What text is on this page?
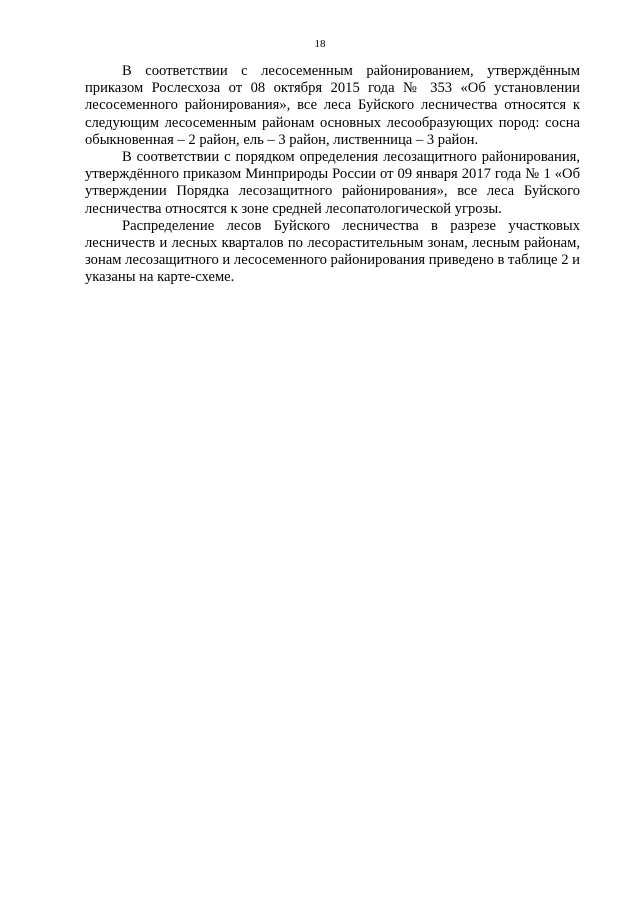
18

В соответствии с лесосеменным районированием, утверждённым приказом Рослесхоза от 08 октября 2015 года № 353 «Об установлении лесосеменного районирования», все леса Буйского лесничества относятся к следующим лесосеменным районам основных лесообразующих пород: сосна обыкновенная – 2 район, ель – 3 район, лиственница – 3 район.

В соответствии с порядком определения лесозащитного районирования, утверждённого приказом Минприроды России от 09 января 2017 года № 1 «Об утверждении Порядка лесозащитного районирования», все леса Буйского лесничества относятся к зоне средней лесопатологической угрозы.

Распределение лесов Буйского лесничества в разрезе участковых лесничеств и лесных кварталов по лесорастительным зонам, лесным районам, зонам лесозащитного и лесосеменного районирования приведено в таблице 2 и указаны на карте-схеме.
